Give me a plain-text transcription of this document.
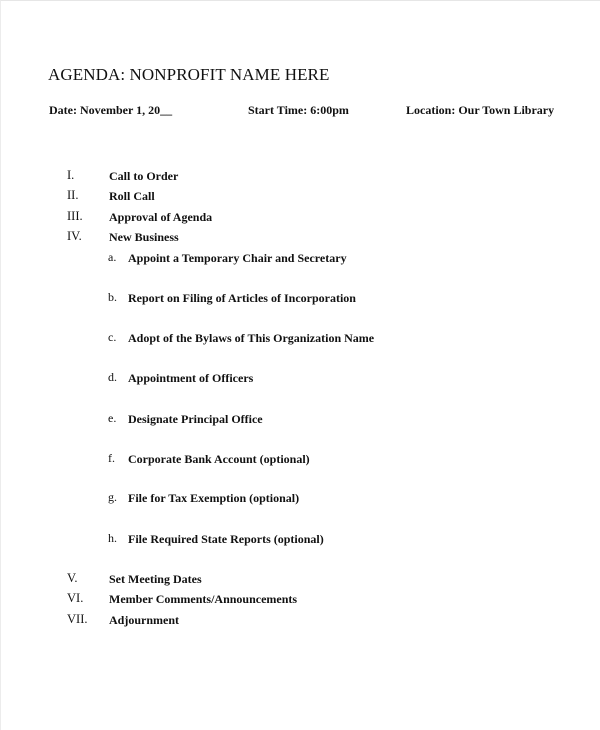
AGENDA: NONPROFIT NAME HERE
Date: November 1, 20__	Start Time: 6:00pm	Location: Our Town Library
I.	Call to Order
II.	Roll Call
III. Approval of Agenda
IV. New Business
a. Appoint a Temporary Chair and Secretary
b. Report on Filing of Articles of Incorporation
c. Adopt of the Bylaws of This Organization Name
d. Appointment of Officers
e. Designate Principal Office
f. Corporate Bank Account (optional)
g. File for Tax Exemption (optional)
h. File Required State Reports (optional)
V.	Set Meeting Dates
VI. Member Comments/Announcements
VII. Adjournment
